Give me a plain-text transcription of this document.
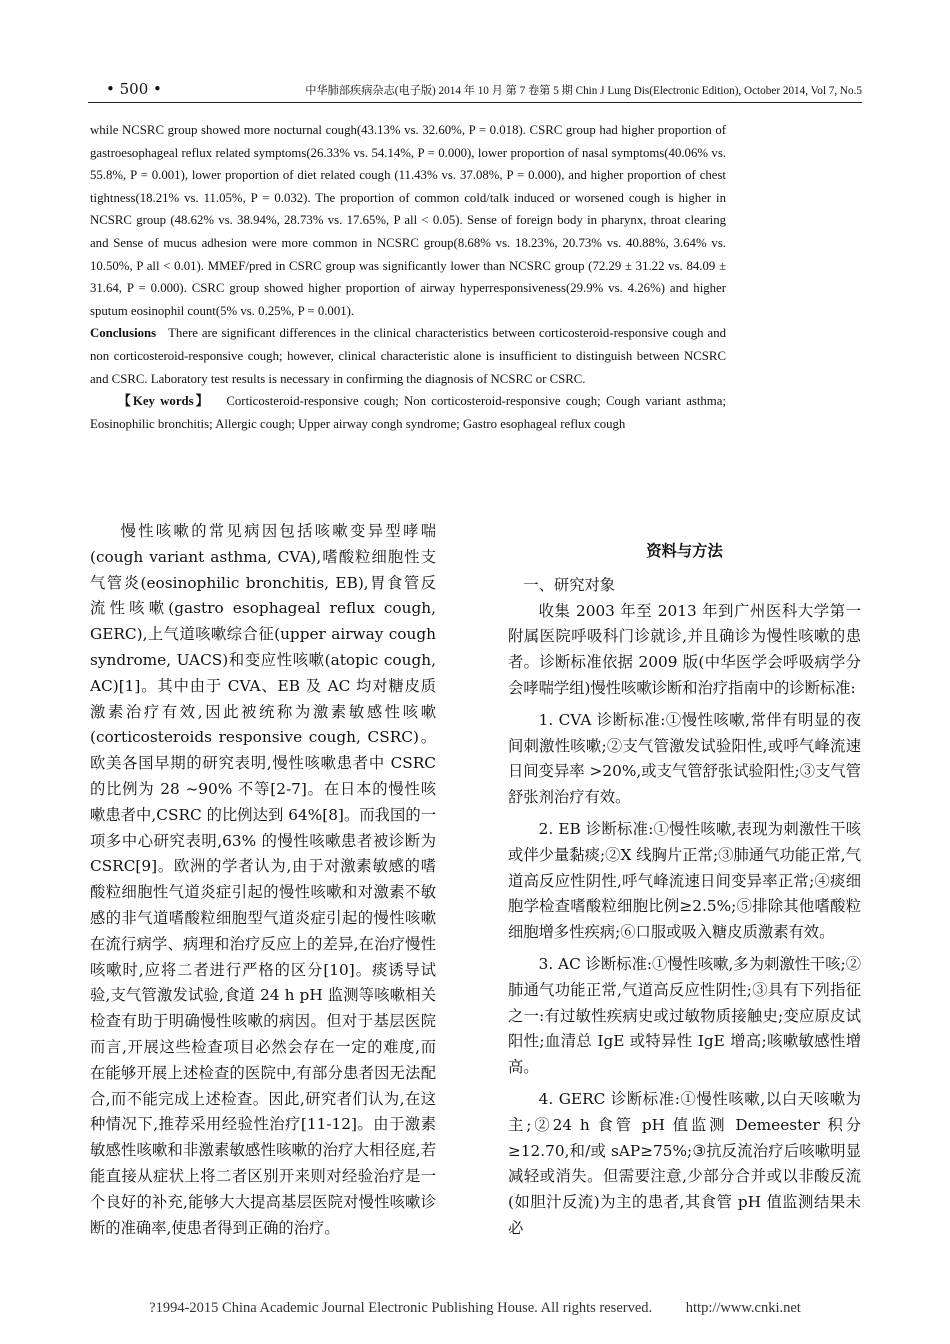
• 500 •	中华肺部疾病杂志(电子版) 2014 年 10 月 第 7 卷第 5 期 Chin J Lung Dis(Electronic Edition), October 2014, Vol 7, No.5

while NCSRC group showed more nocturnal cough(43.13% vs. 32.60%, P = 0.018). CSRC group had higher proportion of gastroesophageal reflux related symptoms(26.33% vs. 54.14%, P = 0.000), lower proportion of nasal symptoms(40.06% vs. 55.8%, P = 0.001), lower proportion of diet related cough (11.43% vs. 37.08%, P = 0.000), and higher proportion of chest tightness(18.21% vs. 11.05%, P = 0.032). The proportion of common cold/talk induced or worsened cough is higher in NCSRC group (48.62% vs. 38.94%, 28.73% vs. 17.65%, P all < 0.05). Sense of foreign body in pharynx, throat clearing and Sense of mucus adhesion were more common in NCSRC group(8.68% vs. 18.23%, 20.73% vs. 40.88%, 3.64% vs. 10.50%, P all < 0.01). MMEF/pred in CSRC group was significantly lower than NCSRC group (72.29 ± 31.22 vs. 84.09 ± 31.64, P = 0.000). CSRC group showed higher proportion of airway hyperresponsiveness(29.9% vs. 4.26%) and higher sputum eosinophil count(5% vs. 0.25%, P = 0.001).

Conclusions There are significant differences in the clinical characteristics between corticosteroid-responsive cough and non corticosteroid-responsive cough; however, clinical characteristic alone is insufficient to distinguish between NCSRC and CSRC. Laboratory test results is necessary in confirming the diagnosis of NCSRC or CSRC.

【Key words】 Corticosteroid-responsive cough; Non corticosteroid-responsive cough; Cough variant asthma; Eosinophilic bronchitis; Allergic cough; Upper airway congh syndrome; Gastro esophageal reflux cough

慢性咳嗽的常见病因包括咳嗽变异型哮喘(cough variant asthma, CVA),嗜酸粒细胞性支气管炎(eosinophilic bronchitis, EB),胃食管反流性咳嗽(gastro esophageal reflux cough, GERC),上气道咳嗽综合征(upper airway cough syndrome, UACS)和变应性咳嗽(atopic cough, AC)[1]。其中由于 CVA、EB 及 AC 均对糖皮质激素治疗有效,因此被统称为激素敏感性咳嗽(corticosteroids responsive cough, CSRC)。欧美各国早期的研究表明,慢性咳嗽患者中 CSRC 的比例为 28 ~90% 不等[2-7]。在日本的慢性咳嗽患者中,CSRC 的比例达到 64%[8]。而我国的一项多中心研究表明,63% 的慢性咳嗽患者被诊断为 CSRC[9]。欧洲的学者认为,由于对激素敏感的嗜酸粒细胞性气道炎症引起的慢性咳嗽和对激素不敏感的非气道嗜酸粒细胞型气道炎症引起的慢性咳嗽在流行病学、病理和治疗反应上的差异,在治疗慢性咳嗽时,应将二者进行严格的区分[10]。痰诱导试验,支气管激发试验,食道 24 h pH 监测等咳嗽相关检查有助于明确慢性咳嗽的病因。但对于基层医院而言,开展这些检查项目必然会存在一定的难度,而在能够开展上述检查的医院中,有部分患者因无法配合,而不能完成上述检查。因此,研究者们认为,在这种情况下,推荐采用经验性治疗[11-12]。由于激素敏感性咳嗽和非激素敏感性咳嗽的治疗大相径庭,若能直接从症状上将二者区别开来则对经验治疗是一个良好的补充,能够大大提高基层医院对慢性咳嗽诊断的准确率,使患者得到正确的治疗。

资料与方法
一、研究对象

收集 2003 年至 2013 年到广州医科大学第一附属医院呼吸科门诊就诊,并且确诊为慢性咳嗽的患者。诊断标准依据 2009 版(中华医学会呼吸病学分会哮喘学组)慢性咳嗽诊断和治疗指南中的诊断标准:

1. CVA 诊断标准:①慢性咳嗽,常伴有明显的夜间刺激性咳嗽;②支气管激发试验阳性,或呼气峰流速日间变异率 >20%,或支气管舒张试验阳性;③支气管舒张剂治疗有效。

2. EB 诊断标准:①慢性咳嗽,表现为刺激性干咳或伴少量黏痰;②X 线胸片正常;③肺通气功能正常,气道高反应性阴性,呼气峰流速日间变异率正常;④痰细胞学检查嗜酸粒细胞比例≥2.5%;⑤排除其他嗜酸粒细胞增多性疾病;⑥口服或吸入糖皮质激素有效。

3. AC 诊断标准:①慢性咳嗽,多为刺激性干咳;②肺通气功能正常,气道高反应性阴性;③具有下列指征之一:有过敏性疾病史或过敏物质接触史;变应原皮试阳性;血清总 IgE 或特异性 IgE 增高;咳嗽敏感性增高。

4. GERC 诊断标准:①慢性咳嗽,以白天咳嗽为主;②24 h 食管 pH 值监测 Demeester 积分≥12.70,和/或 sAP≥75%;③抗反流治疗后咳嗽明显减轻或消失。但需要注意,少部分合并或以非酸反流(如胆汁反流)为主的患者,其食管 pH 值监测结果未必

?1994-2015 China Academic Journal Electronic Publishing House. All rights reserved. http://www.cnki.net
